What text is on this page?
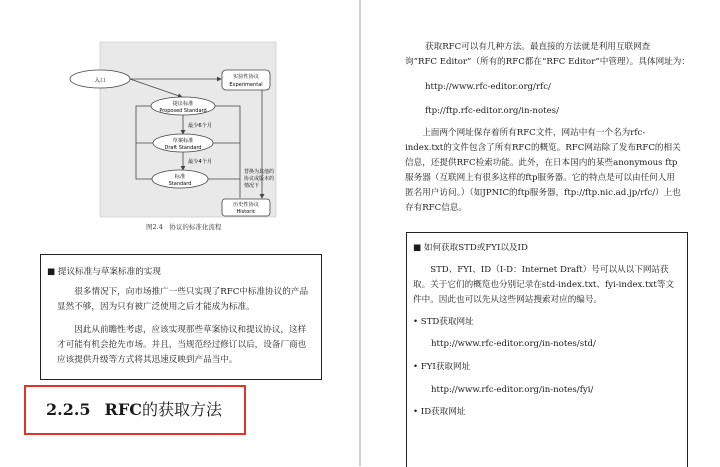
入口
实验性协议
Experimental
提议标准
Proposed Standard
最少6个月
草案标准
Draft Standard
最少4个月
标准
Standard
历史性协议
Historic
替换为其他的
协议或版本的
情况下
图2.4　协议的标准化流程
■ 提议标准与草案标准的实现

很多情况下，向市场推广一些只实现了RFC中标准协议的产品显然不够，因为只有被广泛使用之后才能成为标准。

因此从前瞻性考虑，应该实现那些草案协议和提议协议，这样才可能有机会抢先市场。并且，当规范经过修订以后，设备厂商也应该提供升级等方式将其迅速反映到产品当中。

2.2.5 RFC的获取方法
获取RFC可以有几种方法。最直接的方法就是利用互联网查
询“RFC Editor”（所有的RFC都在“RFC Editor”中管理）。具体网址为：
http://www.rfc-editor.org/rfc/
ftp://ftp.rfc-editor.org/in-notes/

上面两个网址保存着所有RFC文件，网站中有一个名为rfc-index.txt的文件包含了所有RFC的概览。RFC网站除了发布RFC的相关信息，还提供RFC检索功能。此外，在日本国内的某些anonymous ftp服务器（互联网上有很多这样的ftp服务器。它的特点是可以由任何人用匿名用户访问。）（如JPNIC的ftp服务器，ftp://ftp.nic.ad.jp/rfc/）上也存有RFC信息。

■ 如何获取STD或FYI以及ID

STD、FYI、ID（I-D：Internet Draft）号可以从以下网站获取。关于它们的概览也分别记录在std-index.txt、fyi-index.txt等文件中。因此也可以先从这些网站搜索对应的编号。

• STD获取网址
http://www.rfc-editor.org/in-notes/std/
• FYI获取网址
http://www.rfc-editor.org/in-notes/fyi/
• ID获取网址
